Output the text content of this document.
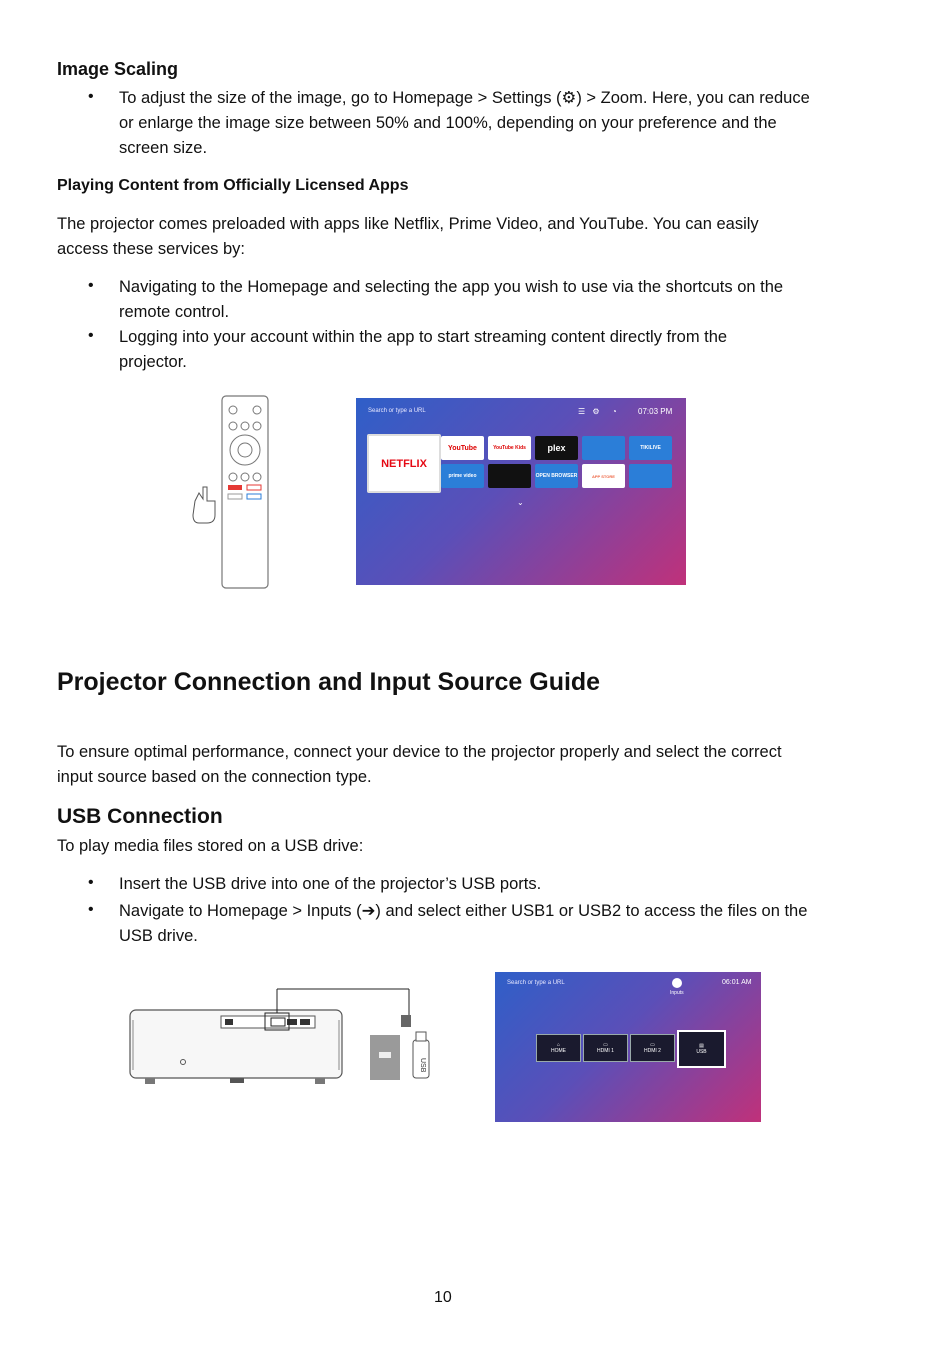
Image Scaling
• To adjust the size of the image, go to Homepage > Settings (⚙) > Zoom. Here, you can reduce
or enlarge the image size between 50% and 100%, depending on your preference and the
screen size.
Playing Content from Officially Licensed Apps
The projector comes preloaded with apps like Netflix, Prime Video, and YouTube. You can easily
access these services by:
• Navigating to the Homepage and selecting the app you wish to use via the shortcuts on the
remote control.
• Logging into your account within the app to start streaming content directly from the
projector.
Search or type a URL	☰ ⚙ ◔	07:03 PM
NETFLIX
YouTube	YouTube Kids	plex	TIKILIVE
prime video	OPEN BROWSER	APP STORE
⌄
Projector Connection and Input Source Guide
To ensure optimal performance, connect your device to the projector properly and select the correct
input source based on the connection type.
USB Connection
To play media files stored on a USB drive:
• Insert the USB drive into one of the projector’s USB ports.
• Navigate to Homepage > Inputs (➔) and select either USB1 or USB2 to access the files on the
USB drive.
USB
Search or type a URL
Inputs
06:01 AM
⌂
HOME
▭
HDMI 1
▭
HDMI 2
▤
USB
10
